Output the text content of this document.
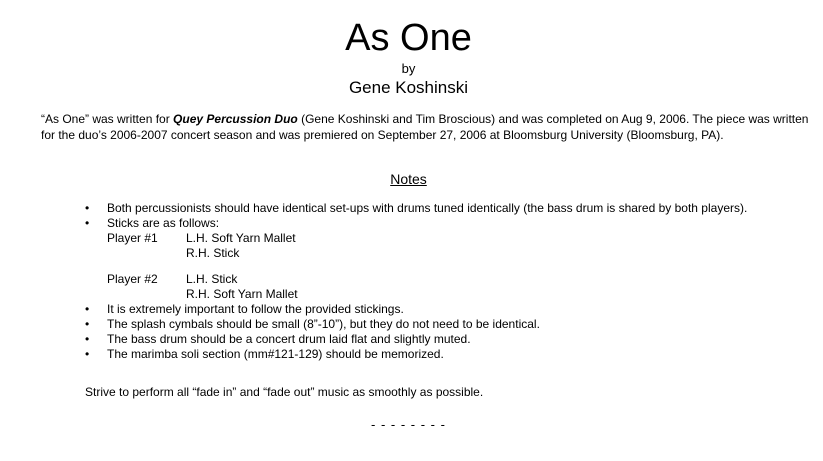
As One
by
Gene Koshinski
“As One” was written for Quey Percussion Duo (Gene Koshinski and Tim Broscious) and was completed on Aug 9, 2006. The piece was written for the duo’s 2006-2007 concert season and was premiered on September 27, 2006 at Bloomsburg University (Bloomsburg, PA).
Notes
• Both percussionists should have identical set-ups with drums tuned identically (the bass drum is shared by both players).
• Sticks are as follows:
Player #1	L.H. Soft Yarn Mallet
R.H. Stick
Player #2	L.H. Stick
R.H. Soft Yarn Mallet
• It is extremely important to follow the provided stickings.
• The splash cymbals should be small (8”-10”), but they do not need to be identical.
• The bass drum should be a concert drum laid flat and slightly muted.
• The marimba soli section (mm#121-129) should be memorized.
Strive to perform all “fade in” and “fade out” music as smoothly as possible.
- - - - - - - -
